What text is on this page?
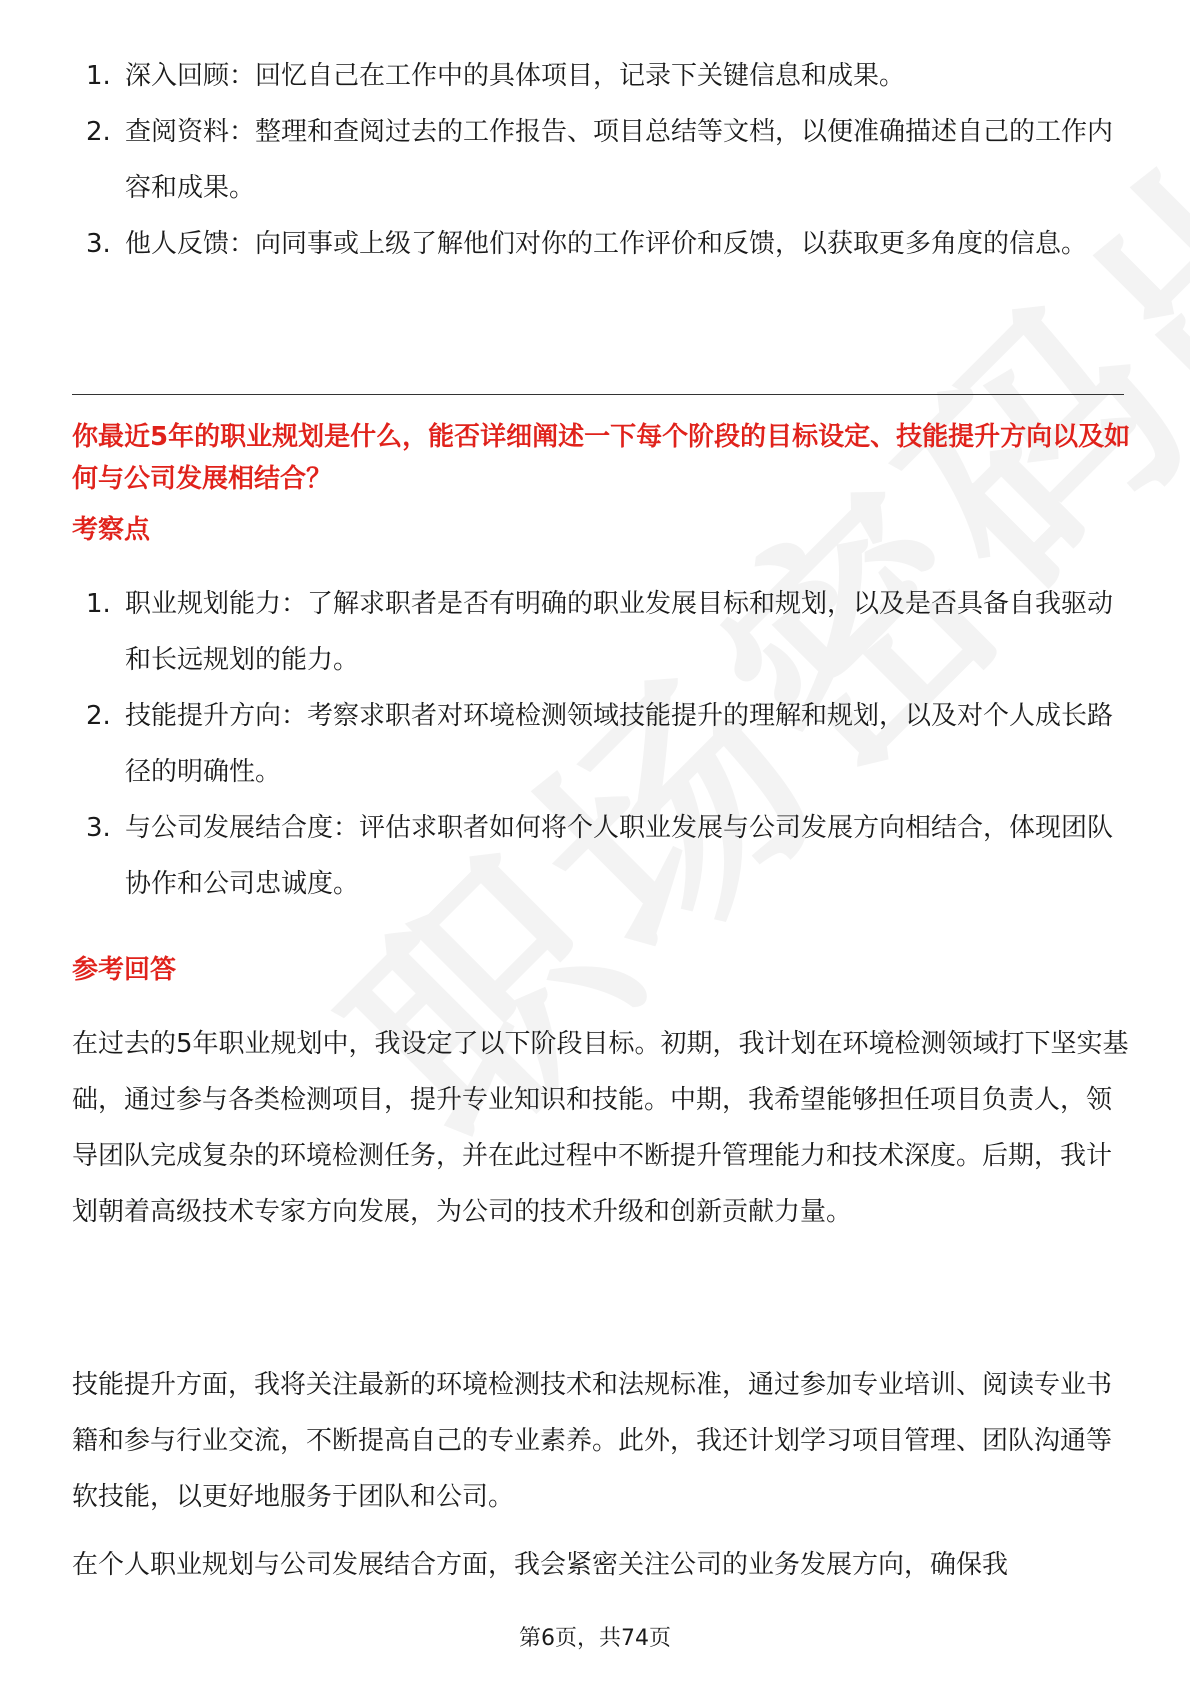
1. 深入回顾：回忆自己在工作中的具体项目，记录下关键信息和成果。
2. 查阅资料：整理和查阅过去的工作报告、项目总结等文档，以便准确描述自己的工作内容和成果。
3. 他人反馈：向同事或上级了解他们对你的工作评价和反馈，以获取更多角度的信息。

你最近5年的职业规划是什么，能否详细阐述一下每个阶段的目标设定、技能提升方向以及如何与公司发展相结合？

考察点

1. 职业规划能力：了解求职者是否有明确的职业发展目标和规划，以及是否具备自我驱动和长远规划的能力。
2. 技能提升方向：考察求职者对环境检测领域技能提升的理解和规划，以及对个人成长路径的明确性。
3. 与公司发展结合度：评估求职者如何将个人职业发展与公司发展方向相结合，体现团队协作和公司忠诚度。

参考回答

在过去的5年职业规划中，我设定了以下阶段目标。初期，我计划在环境检测领域打下坚实基础，通过参与各类检测项目，提升专业知识和技能。中期，我希望能够担任项目负责人，领导团队完成复杂的环境检测任务，并在此过程中不断提升管理能力和技术深度。后期，我计划朝着高级技术专家方向发展，为公司的技术升级和创新贡献力量。

技能提升方面，我将关注最新的环境检测技术和法规标准，通过参加专业培训、阅读专业书籍和参与行业交流，不断提高自己的专业素养。此外，我还计划学习项目管理、团队沟通等软技能，以更好地服务于团队和公司。

在个人职业规划与公司发展结合方面，我会紧密关注公司的业务发展方向，确保我

第6页，共74页
